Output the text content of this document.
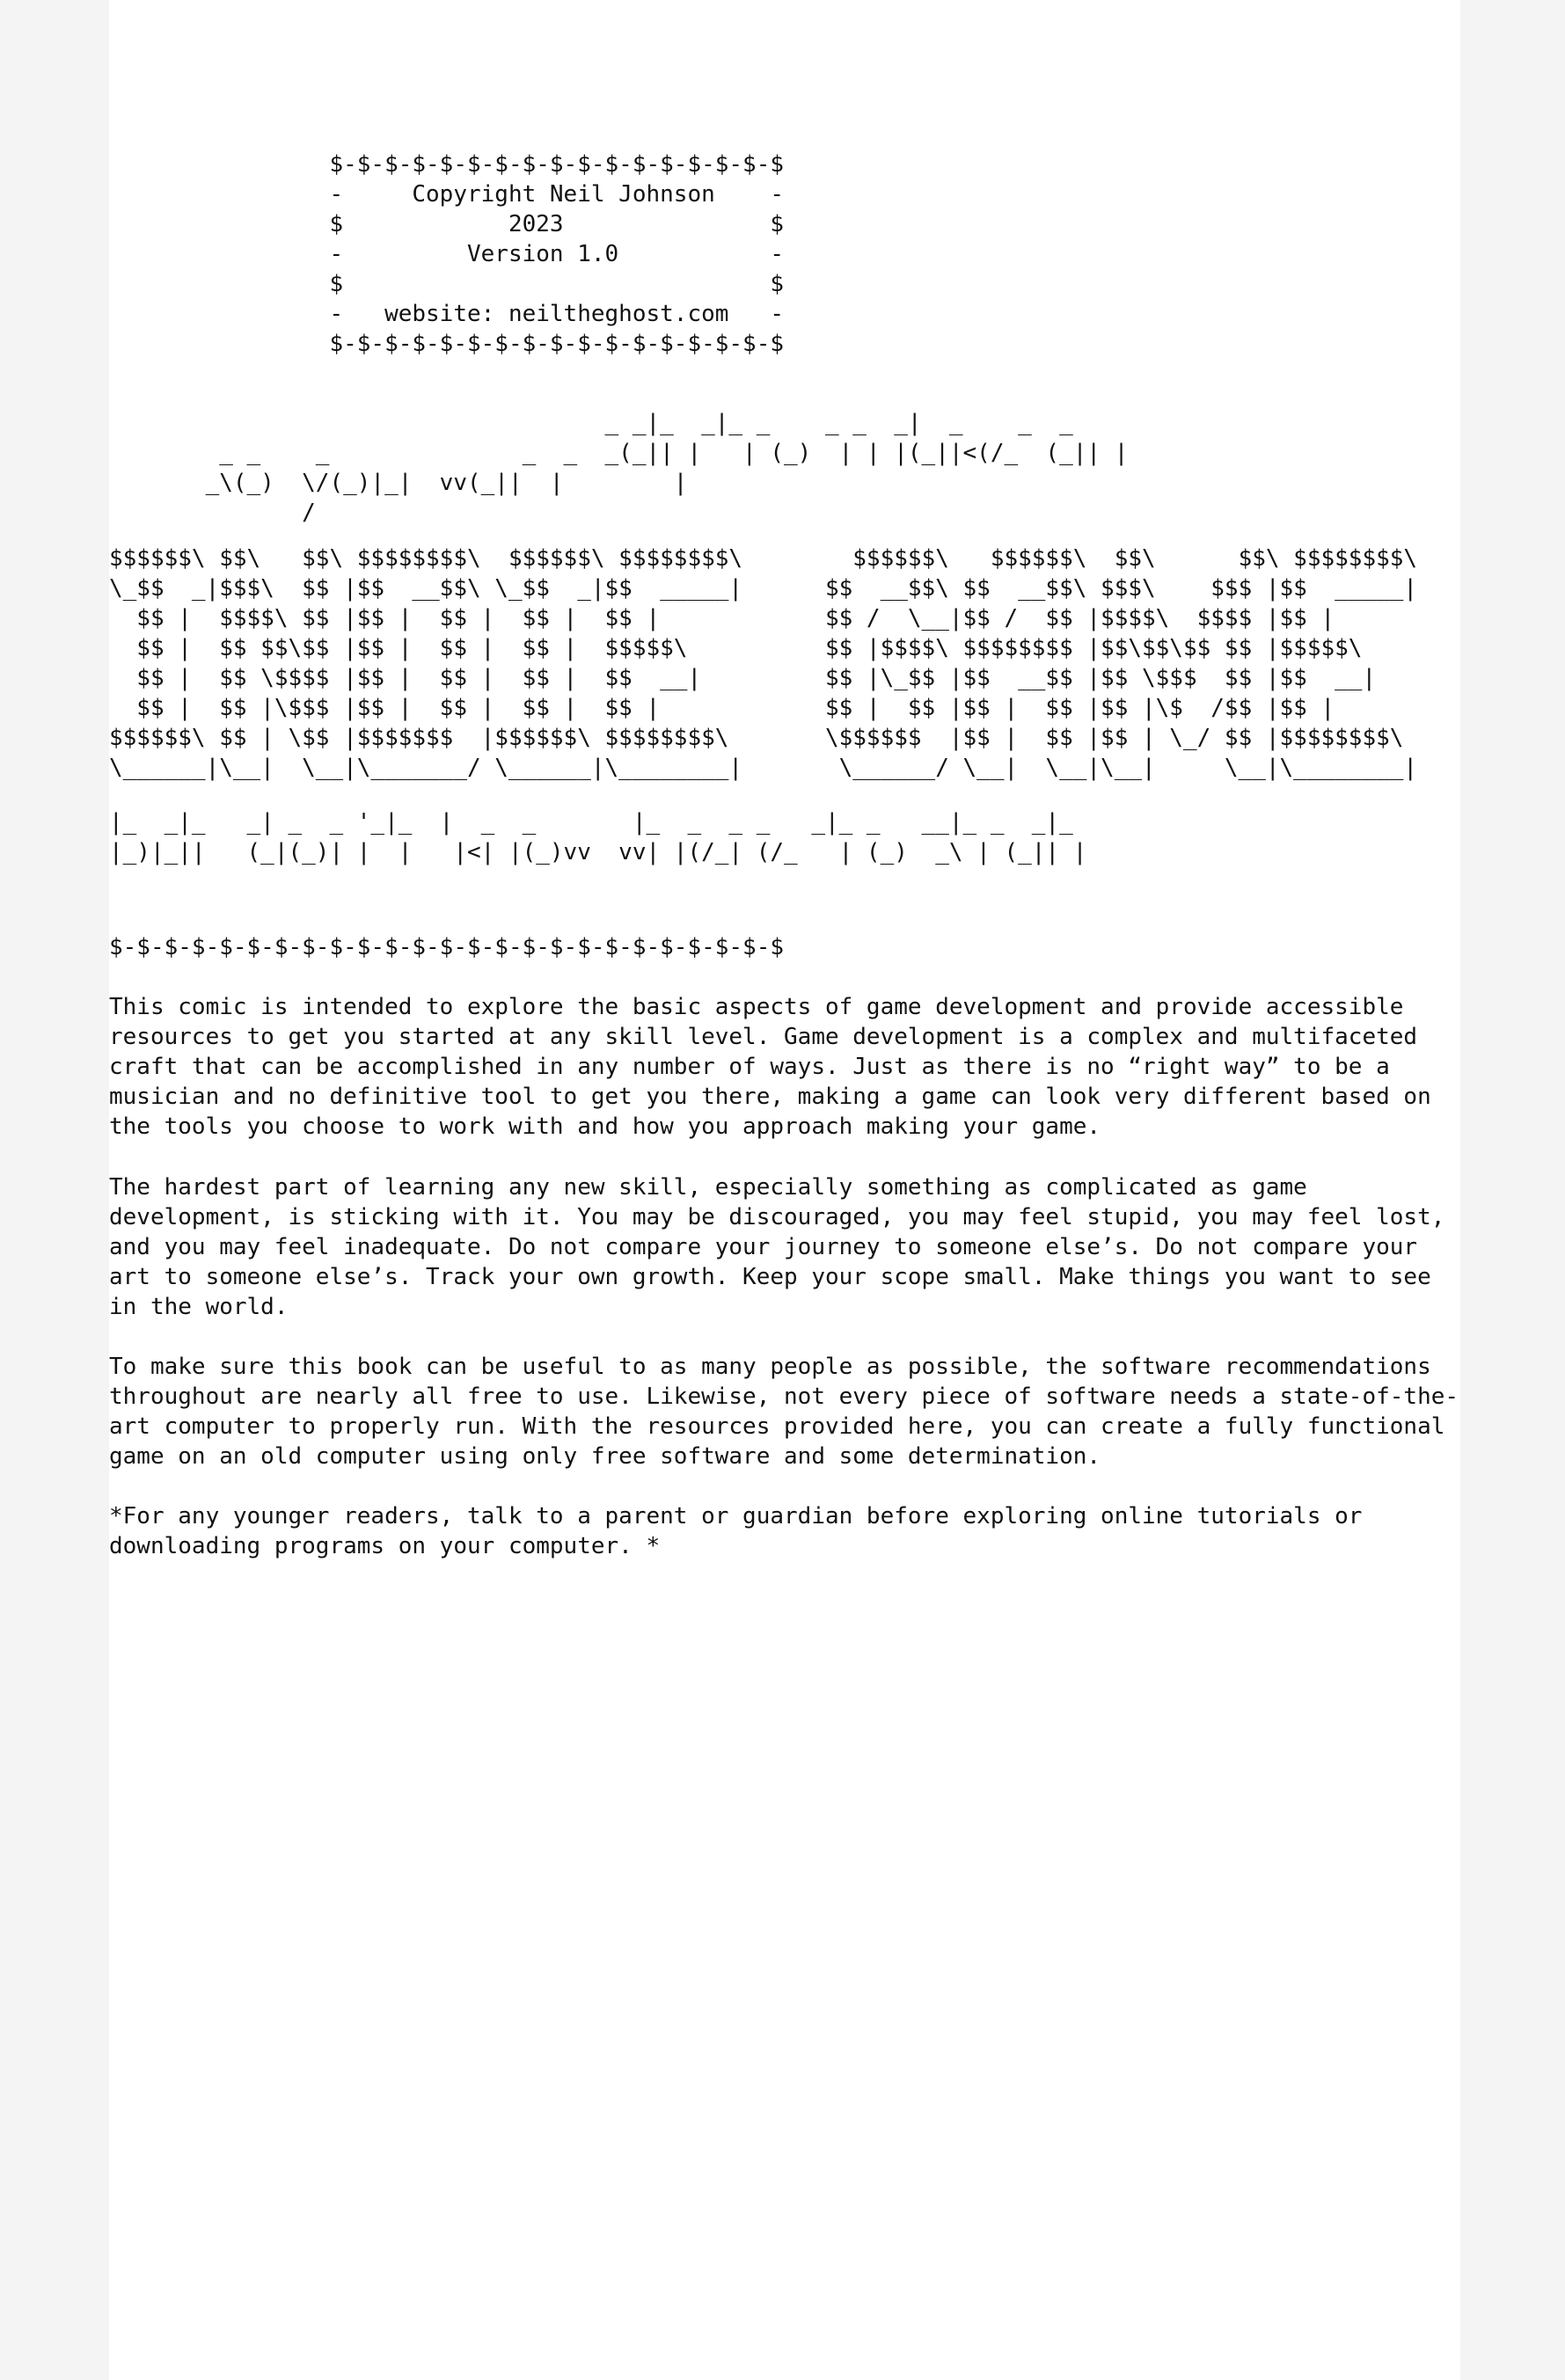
$-$-$-$-$-$-$-$-$-$-$-$-$-$-$-$-$
-     Copyright Neil Johnson    -
$            2023               $
-         Version 1.0           -
$                               $
-   website: neiltheghost.com   -
$-$-$-$-$-$-$-$-$-$-$-$-$-$-$-$-$
_ _|_  _|_ _    _ _  _|  _    _  _
_ _    _              _  _  _(_|| |   | (_)  | | |(_||<(/_  (_|| |
_\(_)  \/(_)|_|  vv(_||  |        |
/
$$$$$$\ $$\   $$\ $$$$$$$$\  $$$$$$\ $$$$$$$$\        $$$$$$\   $$$$$$\  $$\      $$\ $$$$$$$$\
\_$$  _|$$$\  $$ |$$  __$$\ \_$$  _|$$  _____|      $$  __$$\ $$  __$$\ $$$\    $$$ |$$  _____|
$$ |  $$$$\ $$ |$$ |  $$ |  $$ |  $$ |            $$ /  \__|$$ /  $$ |$$$$\  $$$$ |$$ |
$$ |  $$ $$\$$ |$$ |  $$ |  $$ |  $$$$$\          $$ |$$$$\ $$$$$$$$ |$$\$$\$$ $$ |$$$$$\
$$ |  $$ \$$$$ |$$ |  $$ |  $$ |  $$  __|         $$ |\_$$ |$$  __$$ |$$ \$$$  $$ |$$  __|
$$ |  $$ |\$$$ |$$ |  $$ |  $$ |  $$ |            $$ |  $$ |$$ |  $$ |$$ |\$  /$$ |$$ |
$$$$$$\ $$ | \$$ |$$$$$$$  |$$$$$$\ $$$$$$$$\       \$$$$$$  |$$ |  $$ |$$ | \_/ $$ |$$$$$$$$\
\______|\__|  \__|\_______/ \______|\________|       \______/ \__|  \__|\__|     \__|\________|
|_  _|_   _| _  _ '_|_  |  _  _       |_  _  _ _   _|_ _   __|_ _  _|_
|_)|_||   (_|(_)| |  |   |<| |(_)vv  vv| |(/_| (/_   | (_)  _\ | (_|| |
$-$-$-$-$-$-$-$-$-$-$-$-$-$-$-$-$-$-$-$-$-$-$-$-$

This comic is intended to explore the basic aspects of game development and provide accessible resources to get you started at any skill level. Game development is a complex and multifaceted craft that can be accomplished in any number of ways. Just as there is no “right way” to be a musician and no definitive tool to get you there, making a game can look very different based on the tools you choose to work with and how you approach making your game.

The hardest part of learning any new skill, especially something as complicated as game development, is sticking with it. You may be discouraged, you may feel stupid, you may feel lost, and you may feel inadequate. Do not compare your journey to someone else’s. Do not compare your art to someone else’s. Track your own growth. Keep your scope small. Make things you want to see in the world.

To make sure this book can be useful to as many people as possible, the software recommendations throughout are nearly all free to use. Likewise, not every piece of software needs a state-of-the-art computer to properly run. With the resources provided here, you can create a fully functional game on an old computer using only free software and some determination.

*For any younger readers, talk to a parent or guardian before exploring online tutorials or downloading programs on your computer. *
